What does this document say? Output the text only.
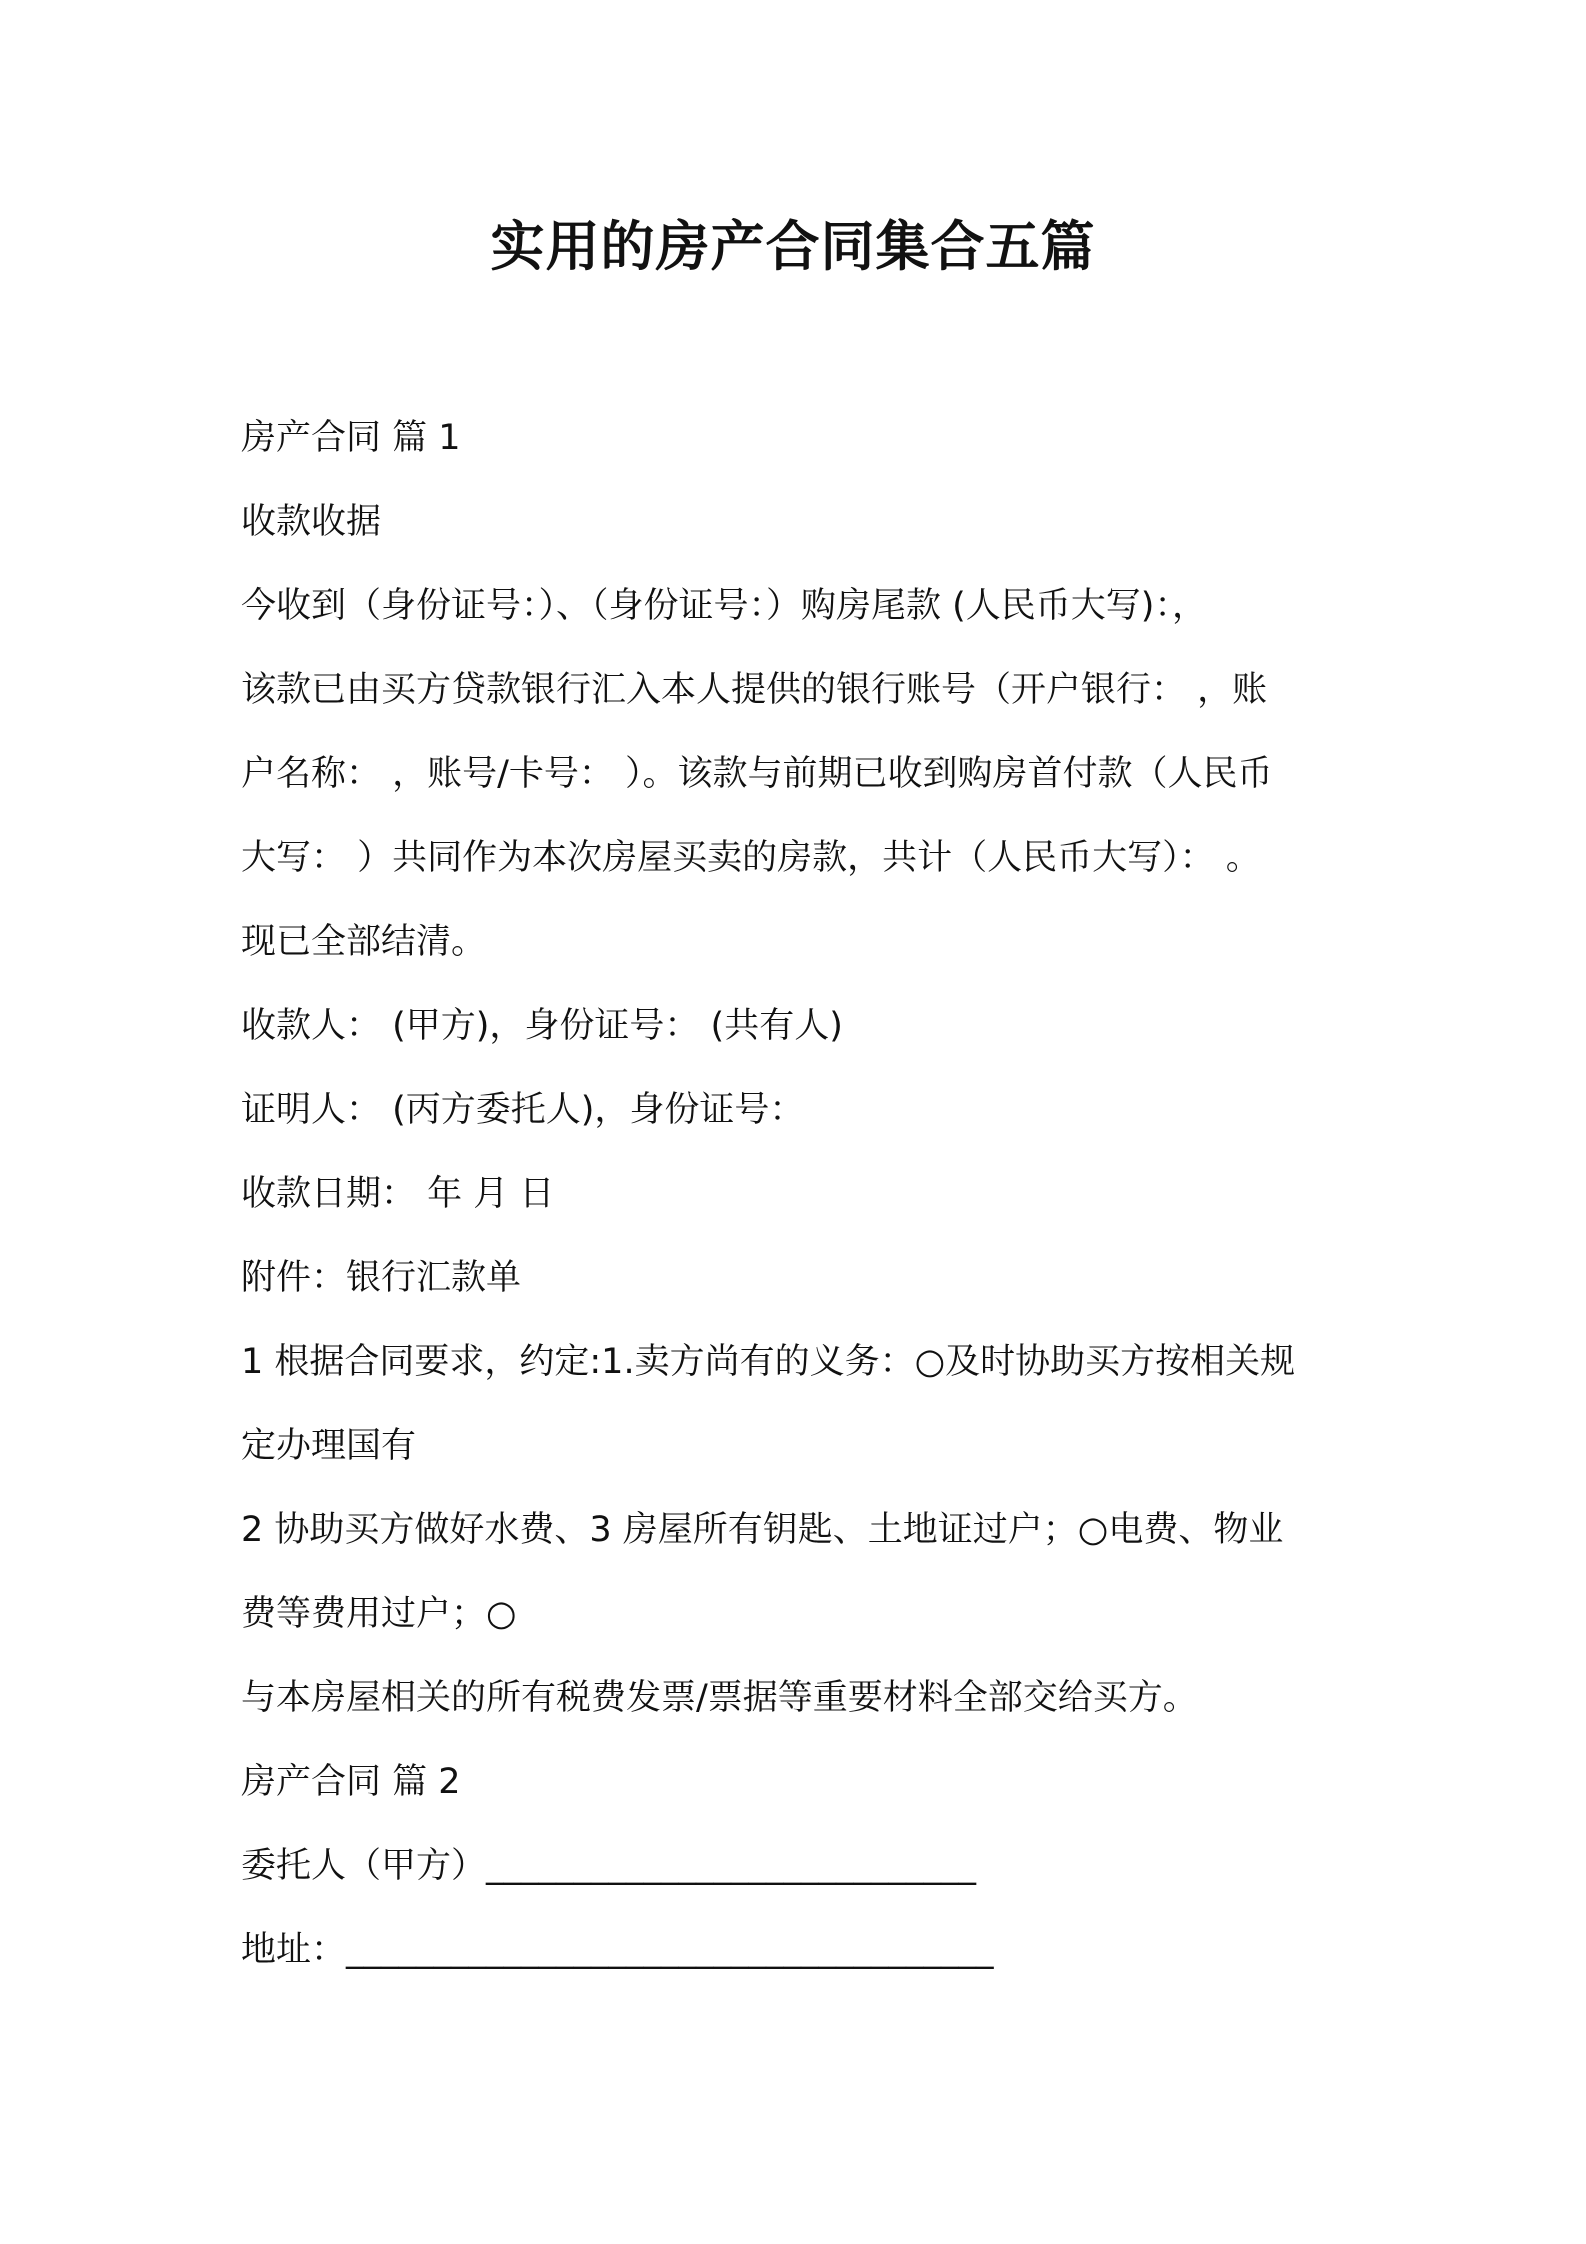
实用的房产合同集合五篇

房产合同 篇 1

收款收据

今收到（身份证号：）、（身份证号：）购房尾款 (人民币大写)：，

该款已由买方贷款银行汇入本人提供的银行账号（开户银行： ，账

户名称： ，账号/卡号： ）。该款与前期已收到购房首付款（人民币

大写： ）共同作为本次房屋买卖的房款，共计（人民币大写）： 。

现已全部结清。

收款人： (甲方)，身份证号： (共有人)

证明人： (丙方委托人)，身份证号：

收款日期： 年 月 日

附件：银行汇款单

1 根据合同要求，约定:1.卖方尚有的义务：○及时协助买方按相关规

定办理国有

2 协助买方做好水费、3 房屋所有钥匙、土地证过户；○电费、物业

费等费用过户；○

与本房屋相关的所有税费发票/票据等重要材料全部交给买方。

房产合同 篇 2

委托人（甲方）____________________________

地址：_____________________________________
